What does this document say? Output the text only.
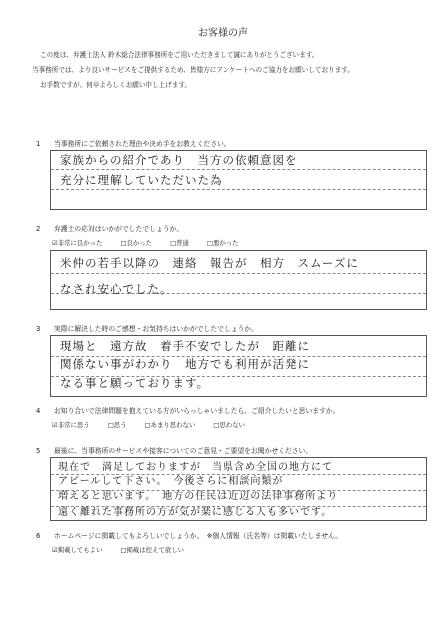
お客様の声
この度は、弁護士法人 鈴木総合法律事務所をご用いただきまして誠にありがとうございます。
当事務所では、より良いサービスをご提供するため、皆様方にアンケートへのご協力をお願いしております。
お手数ですが、何卒よろしくお願い申し上げます。
1 当事務所にご依頼された理由や決め手をお教えください。
家族からの紹介であり　当方の依頼意図を
充分に理解していただいた為
2 弁護士の応対はいかがでしたでしょうか。
☑非常に良かった	□良かった	□普通	□悪かった
米仲の若手以降の　連絡　報告が　相方　スムーズに
なされ安心でした。
3 実際に解決した時のご感想・お気持ちはいかがでしたでしょうか。
現場と　遠方故　着手不安でしたが　距離に
関係ない事がわかり　地方でも利用が活発に
なる事と願っております。
4 お知り合いで法律問題を抱えている方がいらっしゃいましたら、ご紹介したいと思いますか。
☑非常に思う	□思う	□あまり思わない	□思わない
5 最後に、当事務所のサービスや接客についてのご意見・ご要望をお聞かせください。
現在で　満足しておりますが　当県含め全国の地方にて
アピールして下さい。　今後さらに相談向類が
増えると思います。　地方の住民は近辺の法律事務所より
遠く離れた事務所の方が気が楽に感じる人も多いです。
6 ホームページに掲載してもよろしいでしょうか。　※個人情報（氏名等）は掲載いたしません。
☑掲載してもよい	□掲載は控えて欲しい
